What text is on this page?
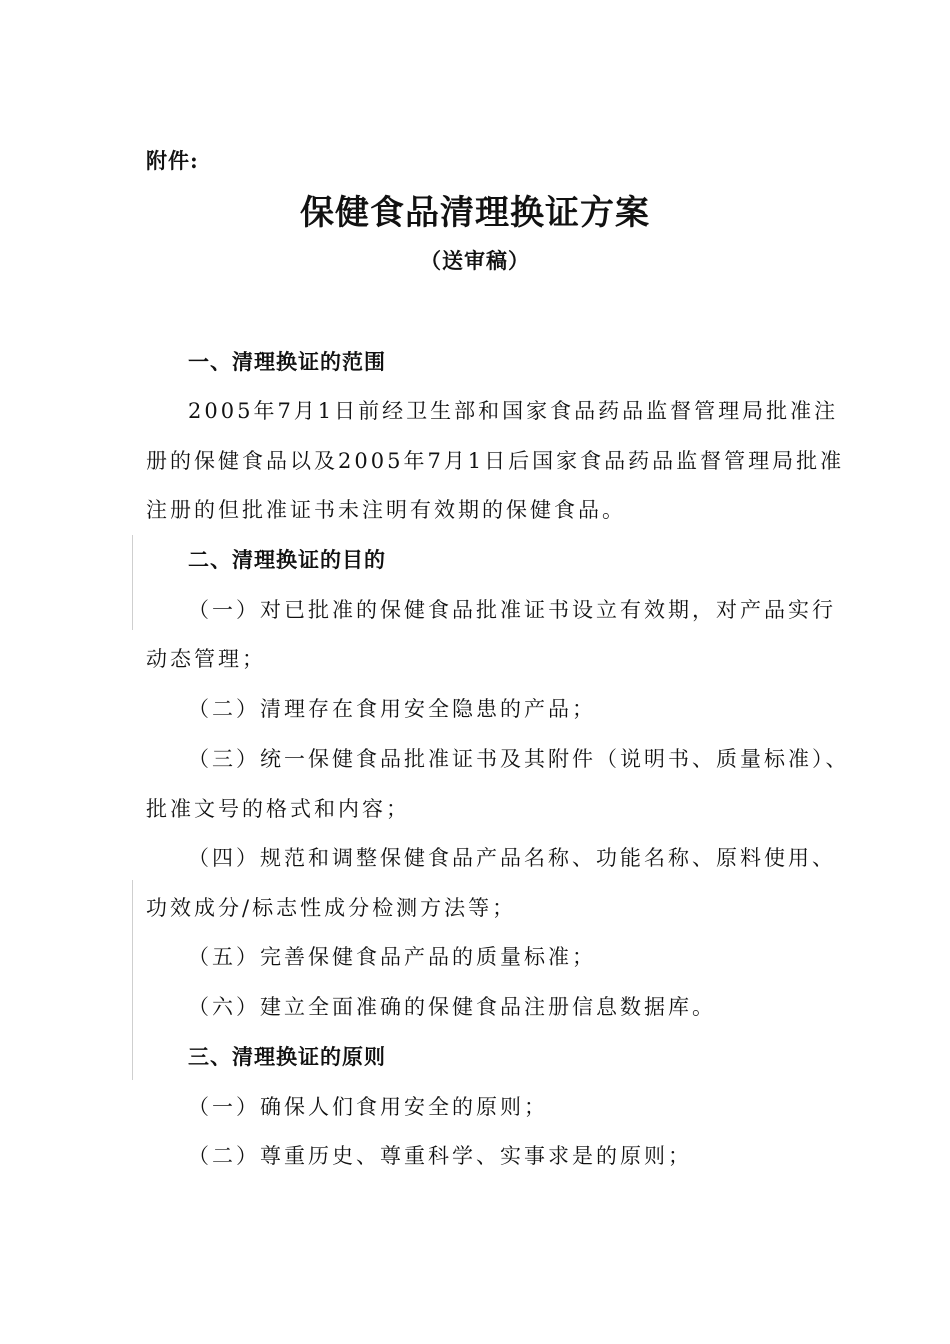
附件:
保健食品清理换证方案
（送审稿）
一、清理换证的范围
2005年7月1日前经卫生部和国家食品药品监督管理局批准注
册的保健食品以及2005年7月1日后国家食品药品监督管理局批准
注册的但批准证书未注明有效期的保健食品。
二、清理换证的目的
（一）对已批准的保健食品批准证书设立有效期，对产品实行
动态管理；
（二）清理存在食用安全隐患的产品；
（三）统一保健食品批准证书及其附件（说明书、质量标准）、
批准文号的格式和内容；
（四）规范和调整保健食品产品名称、功能名称、原料使用、
功效成分/标志性成分检测方法等；
（五）完善保健食品产品的质量标准；
（六）建立全面准确的保健食品注册信息数据库。
三、清理换证的原则
（一）确保人们食用安全的原则；
（二）尊重历史、尊重科学、实事求是的原则；
